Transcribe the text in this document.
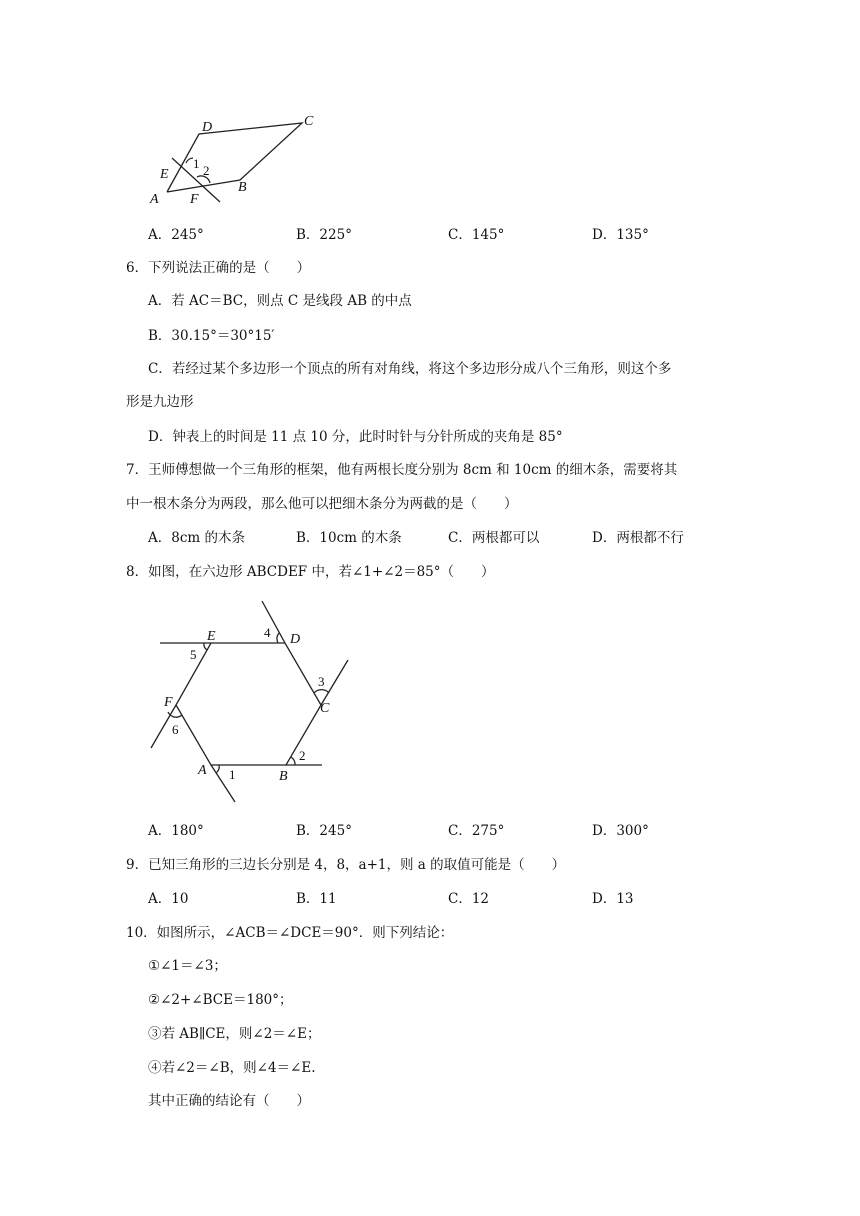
D	C
E
B
A F
1 2
A．245°	B．225°	C．145°	D．135°
6．下列说法正确的是（　　）
A．若 AC＝BC，则点 C 是线段 AB 的中点
B．30.15°＝30°15′
C．若经过某个多边形一个顶点的所有对角线，将这个多边形分成八个三角形，则这个多
形是九边形
D．钟表上的时间是 11 点 10 分，此时时针与分针所成的夹角是 85°
7．王师傅想做一个三角形的框架，他有两根长度分别为 8cm 和 10cm 的细木条，需要将其
中一根木条分为两段，那么他可以把细木条分为两截的是（　　）
A．8cm 的木条	B．10cm 的木条	C．两根都可以	D．两根都不行
8．如图，在六边形 ABCDEF 中，若∠1+∠2＝85°（　　）
E	D
C
F
A	B
4
5
3
6
2
1
A．180°	B．245°	C．275°	D．300°
9．已知三角形的三边长分别是 4，8，a+1，则 a 的取值可能是（　　）
A．10	B．11	C．12	D．13
10．如图所示，∠ACB＝∠DCE＝90°．则下列结论：
①∠1＝∠3；
②∠2+∠BCE＝180°；
③若 AB∥CE，则∠2＝∠E；
④若∠2＝∠B，则∠4＝∠E.
其中正确的结论有（　　）
